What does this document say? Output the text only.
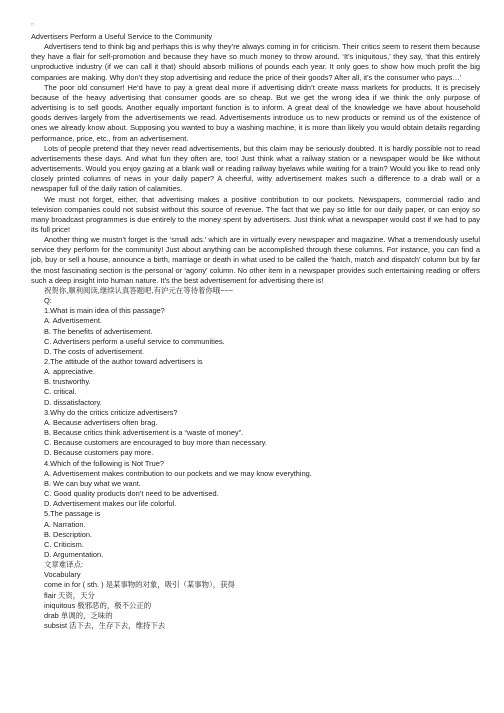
□

Advertisers Perform a Useful Service to the Community

Advertisers tend to think big and perhaps this is why they’re always coming in for criticism. Their critics seem to resent them because they have a flair for self-promotion and because they have so much money to throw around. ‘It’s iniquitous,’ they say, ‘that this entirely unproductive industry (if we can call it that) should absorb millions of pounds each year. It only goes to show how much profit the big companies are making. Why don’t they stop advertising and reduce the price of their goods? After all, it’s the consumer who pays…’

The poor old consumer! He’d have to pay a great deal more if advertising didn’t create mass markets for products. It is precisely because of the heavy advertising that consumer goods are so cheap. But we get the wrong idea if we think the only purpose of advertising is to sell goods. Another equally important function is to inform. A great deal of the knowledge we have about household goods derives largely from the advertisements we read. Advertisements introduce us to new products or remind us of the existence of ones we already know about. Supposing you wanted to buy a washing machine, it is more than likely you would obtain details regarding performance, price, etc., from an advertisement.

Lots of people pretend that they never read advertisements, but this claim may be seriously doubted. It is hardly possible not to read advertisements these days. And what fun they often are, too! Just think what a railway station or a newspaper would be like without advertisements. Would you enjoy gazing at a blank wall or reading railway byelaws while waiting for a train? Would you like to read only closely printed columns of news in your daily paper? A cheerful, witty advertisement makes such a difference to a drab wall or a newspaper full of the daily ration of calamities.

We must not forget, either, that advertising makes a positive contribution to our pockets. Newspapers, commercial radio and television companies could not subsist without this source of revenue. The fact that we pay so little for our daily paper, or can enjoy so many broadcast programmes is due entirely to the money spent by advertisers. Just think what a newspaper would cost if we had to pay its full price!

Another thing we mustn’t forget is the ‘small ads.’ which are in virtually every newspaper and magazine. What a tremendously useful service they perform for the community! Just about anything can be accomplished through these columns. For instance, you can find a job, buy or sell a house, announce a birth, marriage or death in what used to be called the ‘hatch, match and dispatch’ column but by far the most fascinating section is the personal or ‘agony’ column. No other item in a newspaper provides such entertaining reading or offers such a deep insight into human nature. It’s the best advertisement for advertising there is!

祝贺你,顺利阅读,继续认真答题吧,有沪元在等待着你哦~~~

Q:

1.What is main idea of this passage?

A. Advertisement.

B. The benefits of advertisement.

C. Advertisers perform a useful service to communities.

D. The costs of advertisement.

2.The attitude of the author toward advertisers is

A. appreciative.

B. trustworthy.

C. critical.

D. dissatisfactory.

3.Why do the critics criticize advertisers?

A. Because advertisers often brag.

B. Because critics think advertisement is a “waste of money”.

C. Because customers are encouraged to buy more than necessary.

D. Because customers pay more.

4.Which of the following is Not True?

A. Advertisement makes contribution to our pockets and we may know everything.

B. We can buy what we want.

C. Good quality products don’t need to be advertised.

D. Advertisement makes our life colorful.

5.The passage is

A. Narration.

B. Description.

C. Criticism.

D. Argumentation.

文章难译点:

Vocabulary

come in for ( sth. ) 是某事物的对象，吸引（某事物），获得

flair 天资，天分

iniquitous 极邪恶的，极不公正的

drab 单调的，乏味的

subsist 活下去，生存下去，维持下去
